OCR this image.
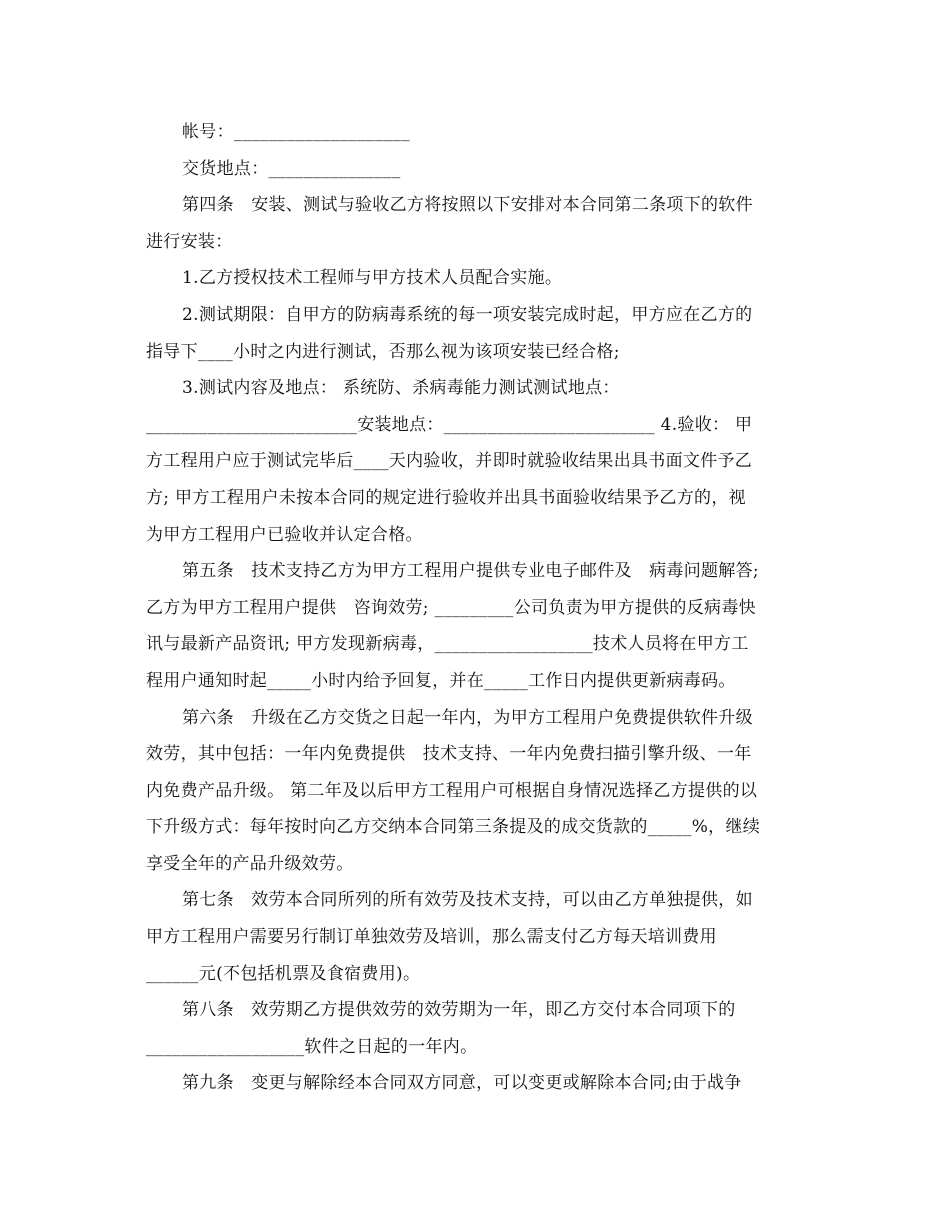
帐号：____________________
交货地点：_______________
第四条　安装、测试与验收乙方将按照以下安排对本合同第二条项下的软件
进行安装：
1.乙方授权技术工程师与甲方技术人员配合实施。
2.测试期限：自甲方的防病毒系统的每一项安装完成时起，甲方应在乙方的
指导下____小时之内进行测试，否那么视为该项安装已经合格;
3.测试内容及地点： 系统防、杀病毒能力测试测试地点：
________________________安装地点：________________________ 4.验收： 甲
方工程用户应于测试完毕后____天内验收，并即时就验收结果出具书面文件予乙
方; 甲方工程用户未按本合同的规定进行验收并出具书面验收结果予乙方的，视
为甲方工程用户已验收并认定合格。
第五条　技术支持乙方为甲方工程用户提供专业电子邮件及　病毒问题解答;
乙方为甲方工程用户提供　咨询效劳; _________公司负责为甲方提供的反病毒快
讯与最新产品资讯; 甲方发现新病毒，__________________技术人员将在甲方工
程用户通知时起_____小时内给予回复，并在_____工作日内提供更新病毒码。
第六条　升级在乙方交货之日起一年内，为甲方工程用户免费提供软件升级
效劳，其中包括：一年内免费提供　技术支持、一年内免费扫描引擎升级、一年
内免费产品升级。 第二年及以后甲方工程用户可根据自身情况选择乙方提供的以
下升级方式：每年按时向乙方交纳本合同第三条提及的成交货款的_____%，继续
享受全年的产品升级效劳。
第七条　效劳本合同所列的所有效劳及技术支持，可以由乙方单独提供，如
甲方工程用户需要另行制订单独效劳及培训，那么需支付乙方每天培训费用
______元(不包括机票及食宿费用)。
第八条　效劳期乙方提供效劳的效劳期为一年，即乙方交付本合同项下的
__________________软件之日起的一年内。
第九条　变更与解除经本合同双方同意，可以变更或解除本合同;由于战争
